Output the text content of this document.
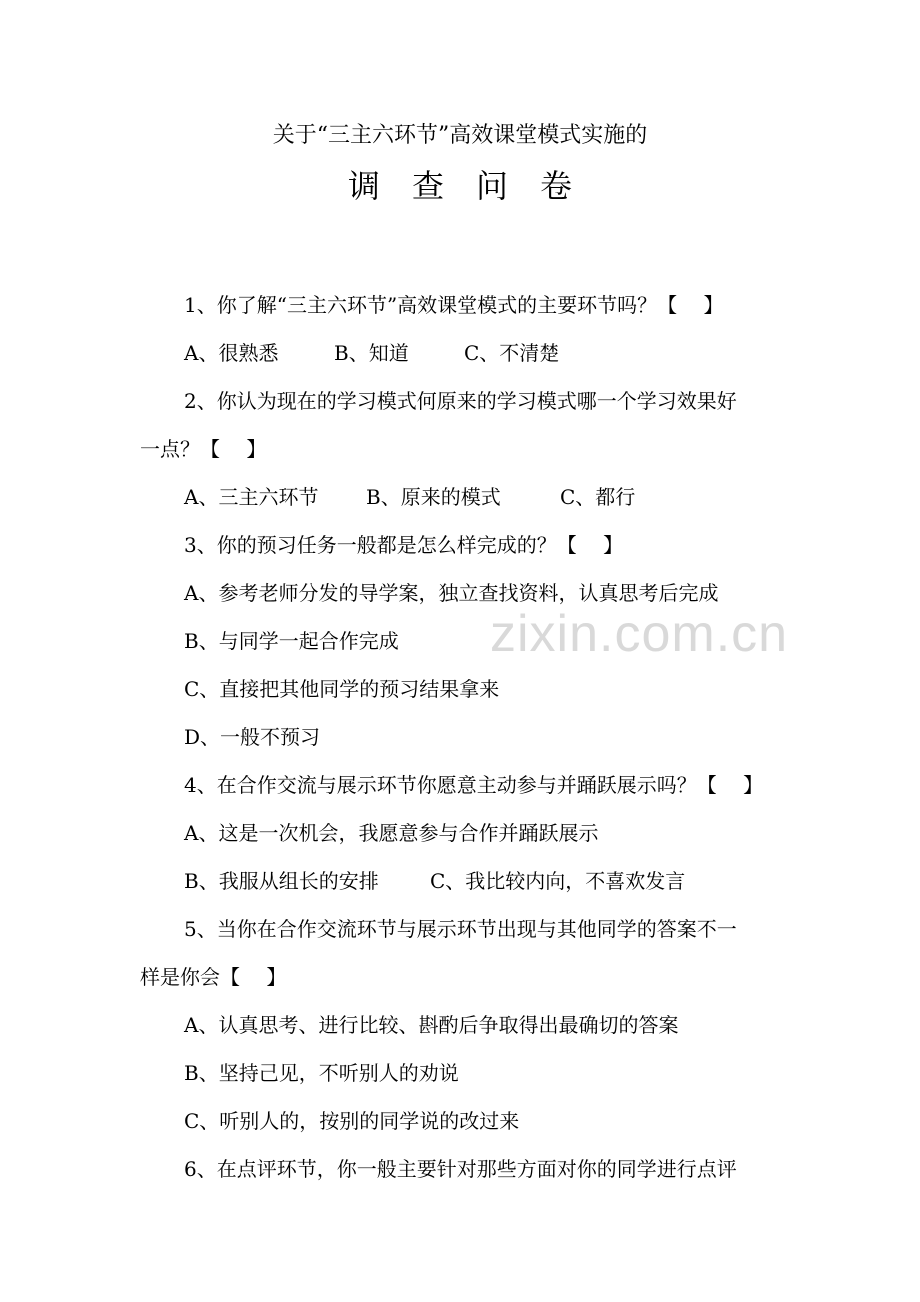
关于“三主六环节”高效课堂模式实施的
调查问卷
1、你了解“三主六环节”高效课堂模式的主要环节吗？【　 】
A、很熟悉	B、知道	C、不清楚
2、你认为现在的学习模式何原来的学习模式哪一个学习效果好
一点？【　 】
A、三主六环节 B、原来的模式	C、都行
3、你的预习任务一般都是怎么样完成的？【　 】
A、参考老师分发的导学案，独立查找资料，认真思考后完成
B、与同学一起合作完成
C、直接把其他同学的预习结果拿来
D、一般不预习
4、在合作交流与展示环节你愿意主动参与并踊跃展示吗？【　 】
A、这是一次机会，我愿意参与合作并踊跃展示
B、我服从组长的安排	C、我比较内向，不喜欢发言
5、当你在合作交流环节与展示环节出现与其他同学的答案不一
样是你会【　 】
A、认真思考、进行比较、斟酌后争取得出最确切的答案
B、坚持己见，不听别人的劝说
C、听别人的，按别的同学说的改过来
6、在点评环节，你一般主要针对那些方面对你的同学进行点评
zixin.com.cn
